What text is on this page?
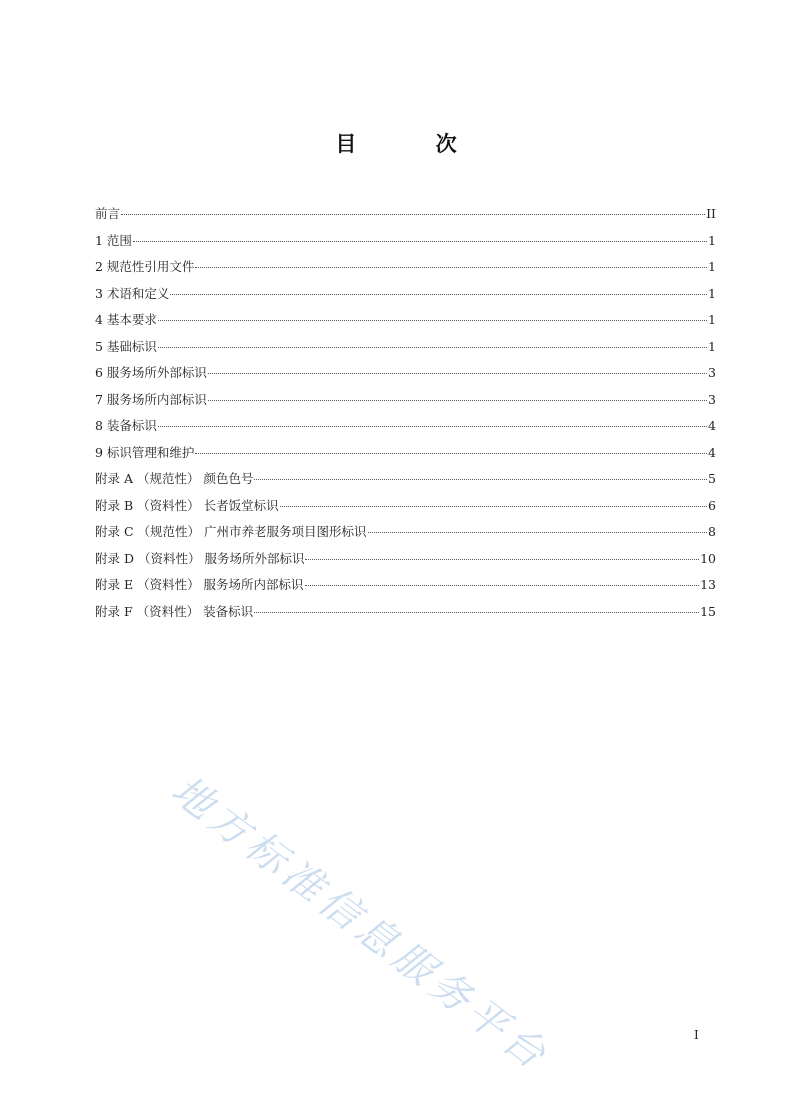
目 次
前言	II
1 范围	1
2 规范性引用文件	1
3 术语和定义	1
4 基本要求	1
5 基础标识	1
6 服务场所外部标识	3
7 服务场所内部标识	3
8 装备标识	4
9 标识管理和维护	4
附录 A （规范性） 颜色色号	5
附录 B （资料性） 长者饭堂标识	6
附录 C （规范性） 广州市养老服务项目图形标识	8
附录 D （资料性） 服务场所外部标识	10
附录 E （资料性） 服务场所内部标识	13
附录 F （资料性） 装备标识	15
地方标准信息服务平台	I
